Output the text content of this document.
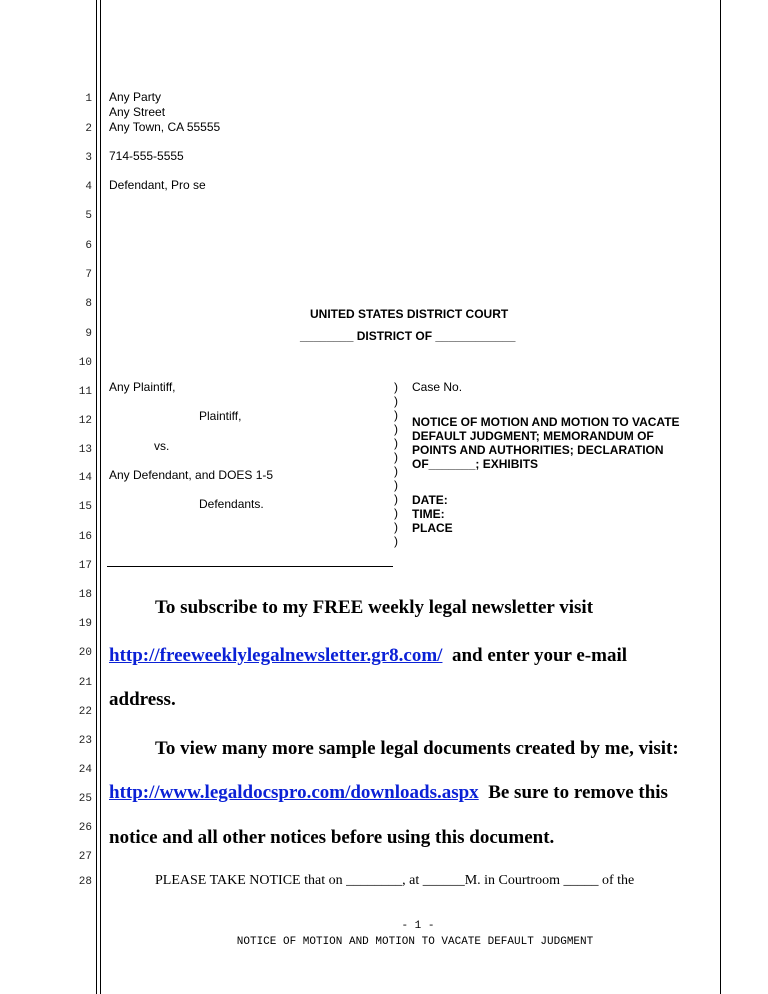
1
2
3
4
5
6
7
8
9
10
11
12
13
14
15
16
17
18
19
20
21
22
23
24
25
26
27
28
Any Party
Any Street
Any Town, CA 55555
714-555-5555
Defendant, Pro se
UNITED STATES DISTRICT COURT
________ DISTRICT OF ____________
Any Plaintiff,
Plaintiff,
vs.
Any Defendant, and DOES 1-5
Defendants.
)
)
)
)
)
)
)
)
)
)
)
)
Case No.
NOTICE OF MOTION AND MOTION TO VACATE
DEFAULT JUDGMENT; MEMORANDUM OF
POINTS AND AUTHORITIES; DECLARATION
OF_______; EXHIBITS
DATE:
TIME:
PLACE
To subscribe to my FREE weekly legal newsletter visit
http://freeweeklylegalnewsletter.gr8.com/ and enter your e-mail
address.
To view many more sample legal documents created by me, visit:
http://www.legaldocspro.com/downloads.aspx Be sure to remove this
notice and all other notices before using this document.
PLEASE TAKE NOTICE that on ________, at ______M. in Courtroom _____ of the
- 1 -
NOTICE OF MOTION AND MOTION TO VACATE DEFAULT JUDGMENT
